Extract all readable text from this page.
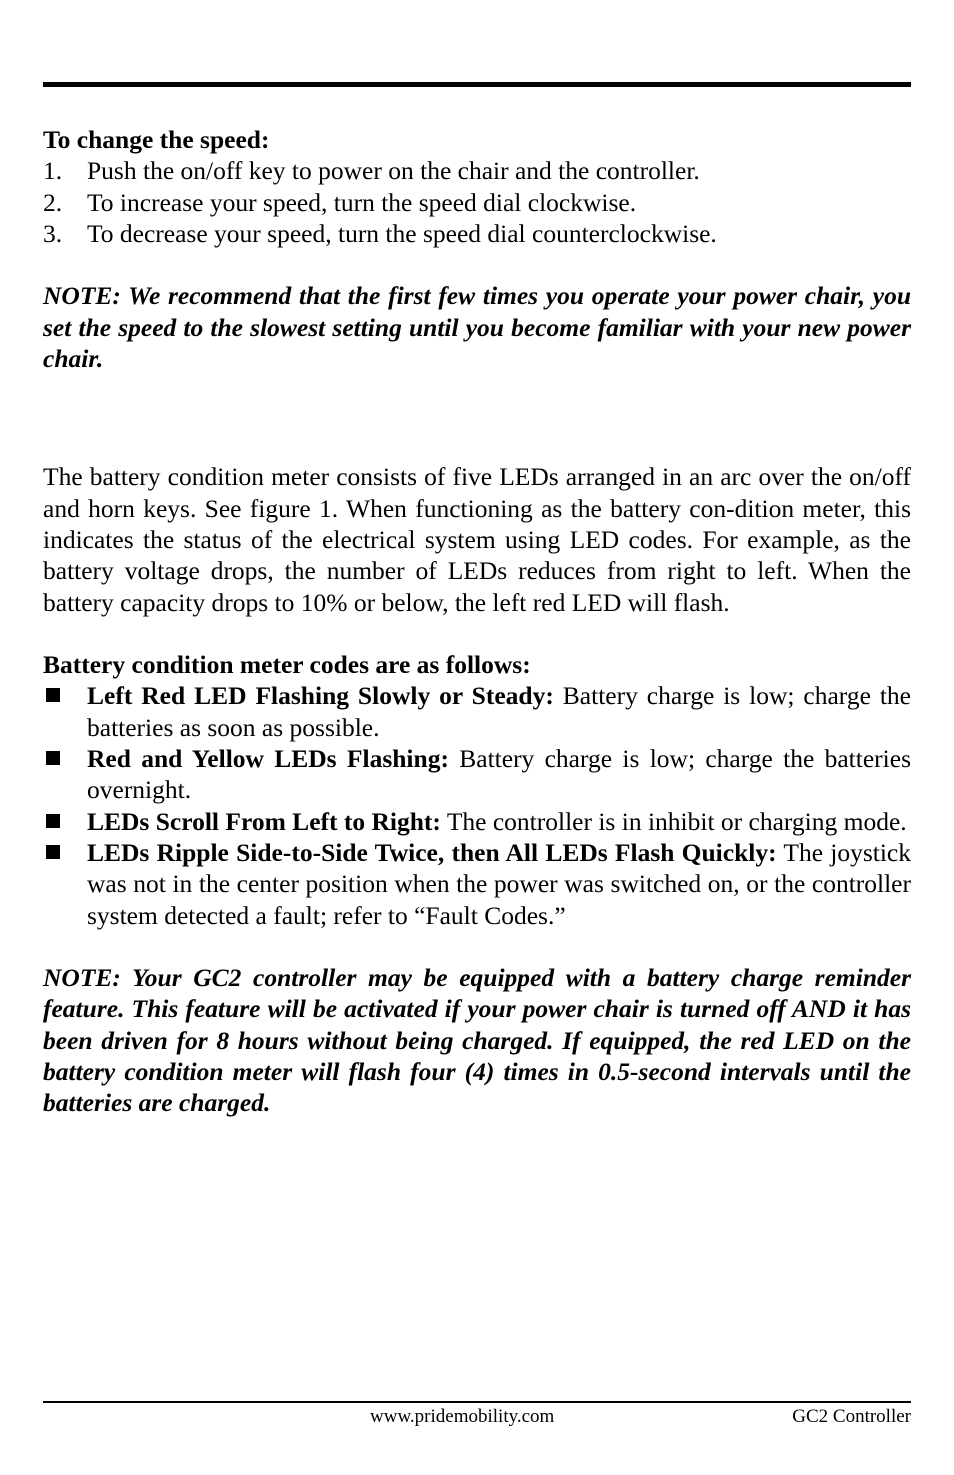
To change the speed:

1. Push the on/off key to power on the chair and the controller.
2. To increase your speed, turn the speed dial clockwise.
3. To decrease your speed, turn the speed dial counterclockwise.

NOTE: We recommend that the first few times you operate your power chair, you set the speed to the slowest setting until you become familiar with your new power chair.

The battery condition meter consists of five LEDs arranged in an arc over the on/off and horn keys. See figure 1. When functioning as the battery con-dition meter, this indicates the status of the electrical system using LED codes. For example, as the battery voltage drops, the number of LEDs reduces from right to left. When the battery capacity drops to 10% or below, the left red LED will flash.

Battery condition meter codes are as follows:

Left Red LED Flashing Slowly or Steady: Battery charge is low; charge the batteries as soon as possible.
Red and Yellow LEDs Flashing: Battery charge is low; charge the batteries overnight.
LEDs Scroll From Left to Right: The controller is in inhibit or charging mode.
LEDs Ripple Side-to-Side Twice, then All LEDs Flash Quickly: The joystick was not in the center position when the power was switched on, or the controller system detected a fault; refer to “Fault Codes.”

NOTE: Your GC2 controller may be equipped with a battery charge reminder feature. This feature will be activated if your power chair is turned off AND it has been driven for 8 hours without being charged. If equipped, the red LED on the battery condition meter will flash four (4) times in 0.5-second intervals until the batteries are charged.

www.pridemobility.com	GC2 Controller
